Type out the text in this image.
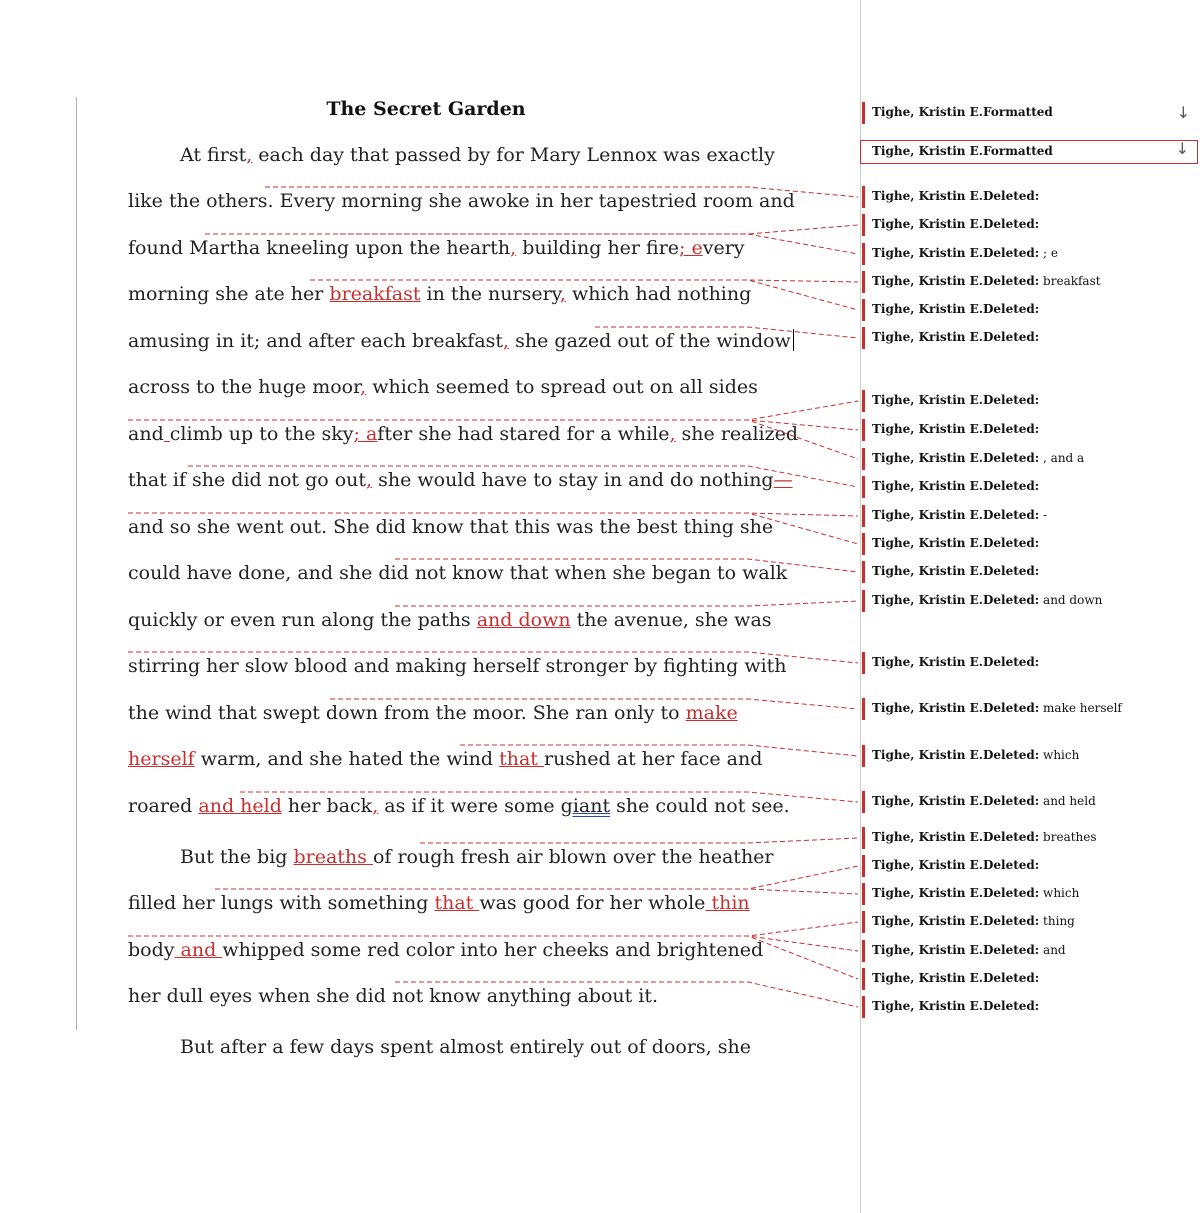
The Secret Garden
At first, each day that passed by for Mary Lennox was exactly
like the others. Every morning she awoke in her tapestried room and
found Martha kneeling upon the hearth, building her fire; every
morning she ate her breakfast in the nursery, which had nothing
amusing in it; and after each breakfast, she gazed out of the window
across to the huge moor, which seemed to spread out on all sides
and climb up to the sky; after she had stared for a while, she realized
that if she did not go out, she would have to stay in and do nothing—
and so she went out. She did know that this was the best thing she
could have done, and she did not know that when she began to walk
quickly or even run along the paths and down the avenue, she was
stirring her slow blood and making herself stronger by fighting with
the wind that swept down from the moor. She ran only to make
herself warm, and she hated the wind that rushed at her face and
roared and held her back, as if it were some giant she could not see.
But the big breaths of rough fresh air blown over the heather
filled her lungs with something that was good for her whole thin
body and whipped some red color into her cheeks and brightened
her dull eyes when she did not know anything about it.
But after a few days spent almost entirely out of doors, she
Tighe, Kristin E. Formatted	↓
Tighe, Kristin E. Formatted	↓
Tighe, Kristin E. Deleted:
Tighe, Kristin E. Deleted:
Tighe, Kristin E. Deleted: ; e
Tighe, Kristin E. Deleted: breakfast
Tighe, Kristin E. Deleted:
Tighe, Kristin E. Deleted:
Tighe, Kristin E. Deleted:
Tighe, Kristin E. Deleted:
Tighe, Kristin E. Deleted: , and a
Tighe, Kristin E. Deleted:
Tighe, Kristin E. Deleted: -
Tighe, Kristin E. Deleted:
Tighe, Kristin E. Deleted:
Tighe, Kristin E. Deleted: and down
Tighe, Kristin E. Deleted:
Tighe, Kristin E. Deleted: make herself
Tighe, Kristin E. Deleted: which
Tighe, Kristin E. Deleted: and held
Tighe, Kristin E. Deleted: breathes
Tighe, Kristin E. Deleted:
Tighe, Kristin E. Deleted: which
Tighe, Kristin E. Deleted: thing
Tighe, Kristin E. Deleted: and
Tighe, Kristin E. Deleted:
Tighe, Kristin E. Deleted:
